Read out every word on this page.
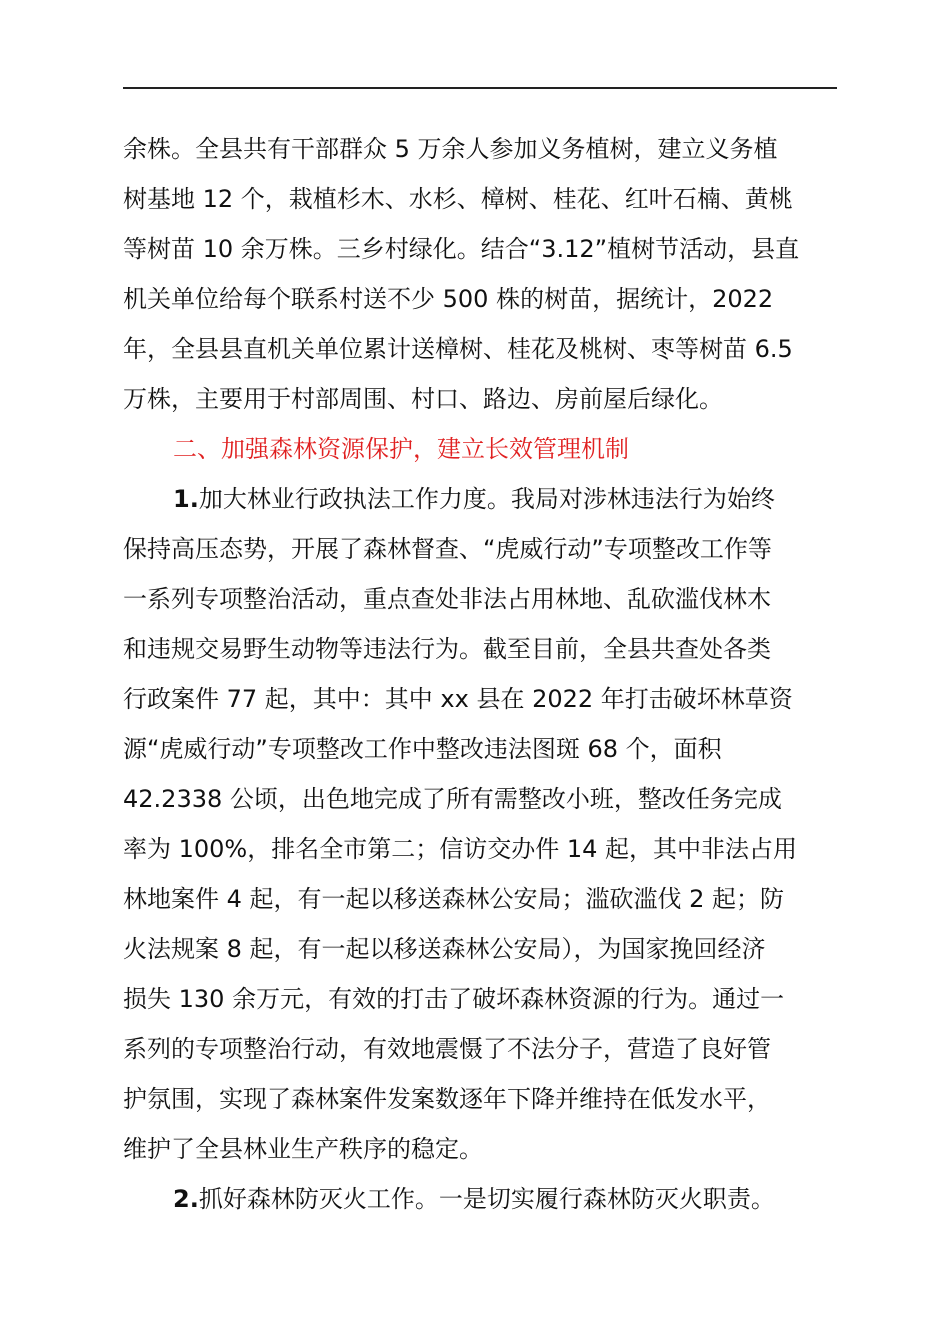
余株。全县共有干部群众 5 万余人参加义务植树，建立义务植
树基地 12 个，栽植杉木、水杉、樟树、桂花、红叶石楠、黄桃
等树苗 10 余万株。三乡村绿化。结合“3.12”植树节活动，县直
机关单位给每个联系村送不少 500 株的树苗，据统计，2022
年，全县县直机关单位累计送樟树、桂花及桃树、枣等树苗 6.5
万株，主要用于村部周围、村口、路边、房前屋后绿化。
二、加强森林资源保护，建立长效管理机制
1.加大林业行政执法工作力度。我局对涉林违法行为始终
保持高压态势，开展了森林督查、“虎威行动”专项整改工作等
一系列专项整治活动，重点查处非法占用林地、乱砍滥伐林木
和违规交易野生动物等违法行为。截至目前，全县共查处各类
行政案件 77 起，其中：其中 xx 县在 2022 年打击破坏林草资
源“虎威行动”专项整改工作中整改违法图斑 68 个，面积
42.2338 公顷，出色地完成了所有需整改小班，整改任务完成
率为 100%，排名全市第二；信访交办件 14 起，其中非法占用
林地案件 4 起，有一起以移送森林公安局；滥砍滥伐 2 起；防
火法规案 8 起，有一起以移送森林公安局），为国家挽回经济
损失 130 余万元，有效的打击了破坏森林资源的行为。通过一
系列的专项整治行动，有效地震慑了不法分子，营造了良好管
护氛围，实现了森林案件发案数逐年下降并维持在低发水平，
维护了全县林业生产秩序的稳定。
2.抓好森林防灭火工作。一是切实履行森林防灭火职责。
